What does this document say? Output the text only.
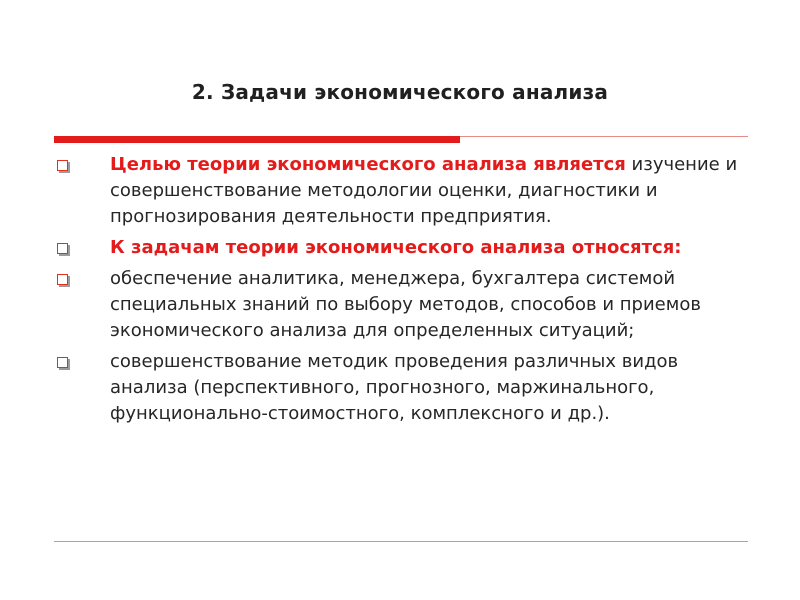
2. Задачи экономического анализа
Целью теории экономического анализа является изучение и совершенствование методологии оценки, диагностики и прогнозирования деятельности предприятия.
К задачам теории экономического анализа относятся:
обеспечение аналитика, менеджера, бухгалтера системой специальных знаний по выбору методов, способов и приемов экономического анализа для определенных ситуаций;
совершенствование методик проведения различных видов анализа (перспективного, прогнозного, маржинального, функционально-стоимостного, комплексного и др.).
